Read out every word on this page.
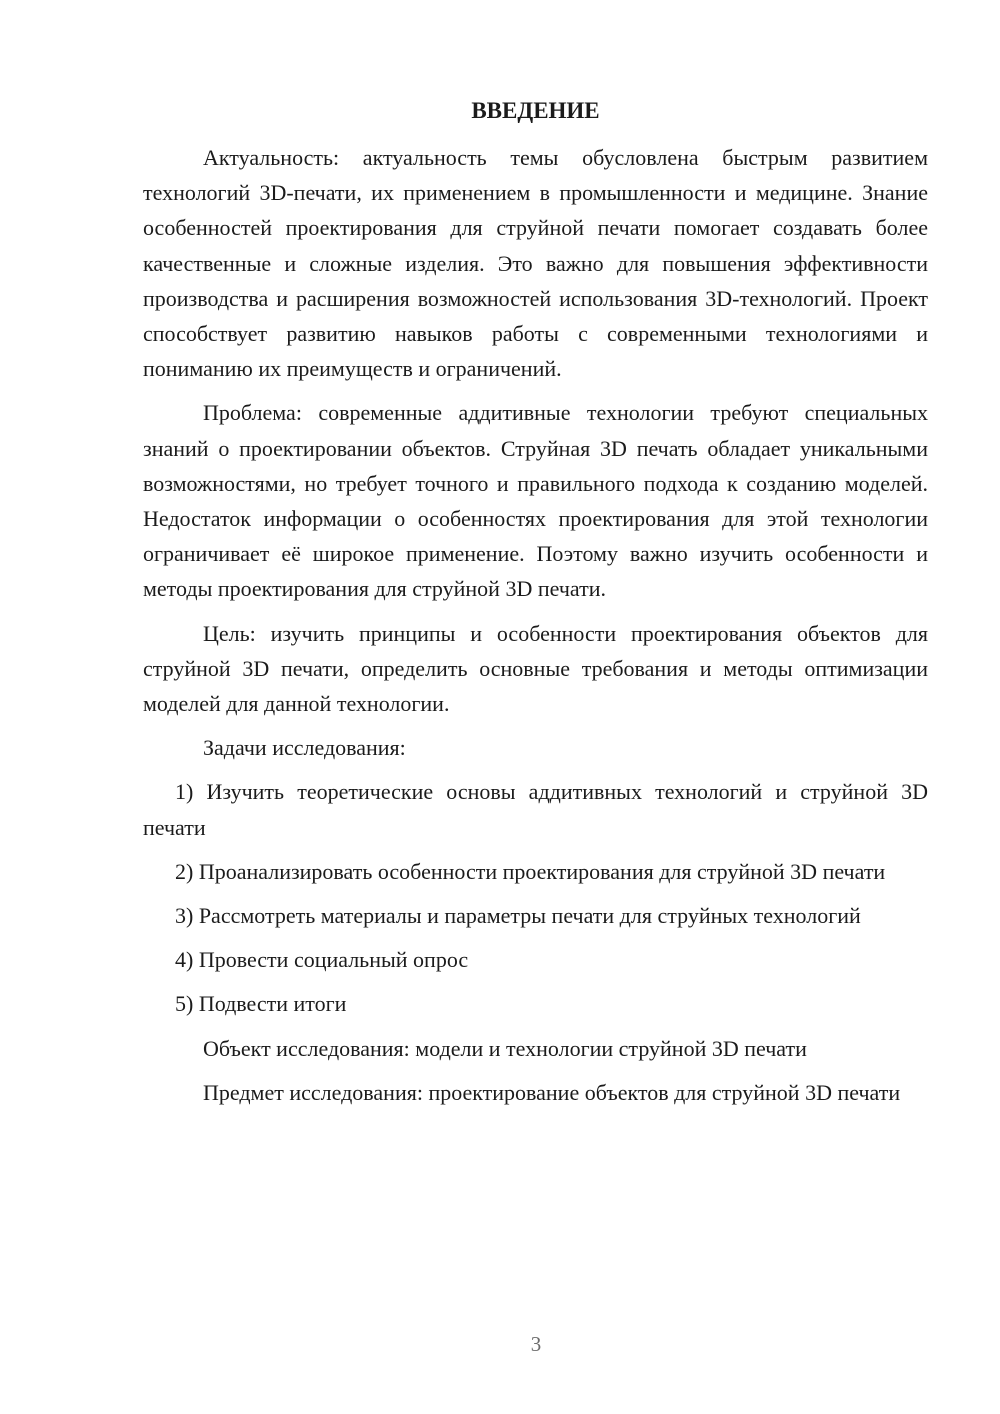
ВВЕДЕНИЕ

Актуальность: актуальность темы обусловлена быстрым развитием технологий 3D-печати, их применением в промышленности и медицине. Знание особенностей проектирования для струйной печати помогает создавать более качественные и сложные изделия. Это важно для повышения эффективности производства и расширения возможностей использования 3D-технологий. Проект способствует развитию навыков работы с современными технологиями и пониманию их преимуществ и ограничений.

Проблема: современные аддитивные технологии требуют специальных знаний о проектировании объектов. Струйная 3D печать обладает уникальными возможностями, но требует точного и правильного подхода к созданию моделей. Недостаток информации о особенностях проектирования для этой технологии ограничивает её широкое применение. Поэтому важно изучить особенности и методы проектирования для струйной 3D печати.

Цель: изучить принципы и особенности проектирования объектов для струйной 3D печати, определить основные требования и методы оптимизации моделей для данной технологии.

Задачи исследования:

1) Изучить теоретические основы аддитивных технологий и струйной 3D печати

2) Проанализировать особенности проектирования для струйной 3D печати

3) Рассмотреть материалы и параметры печати для струйных технологий

4) Провести социальный опрос

5) Подвести итоги

Объект исследования: модели и технологии струйной 3D печати

Предмет исследования: проектирование объектов для струйной 3D печати

3
